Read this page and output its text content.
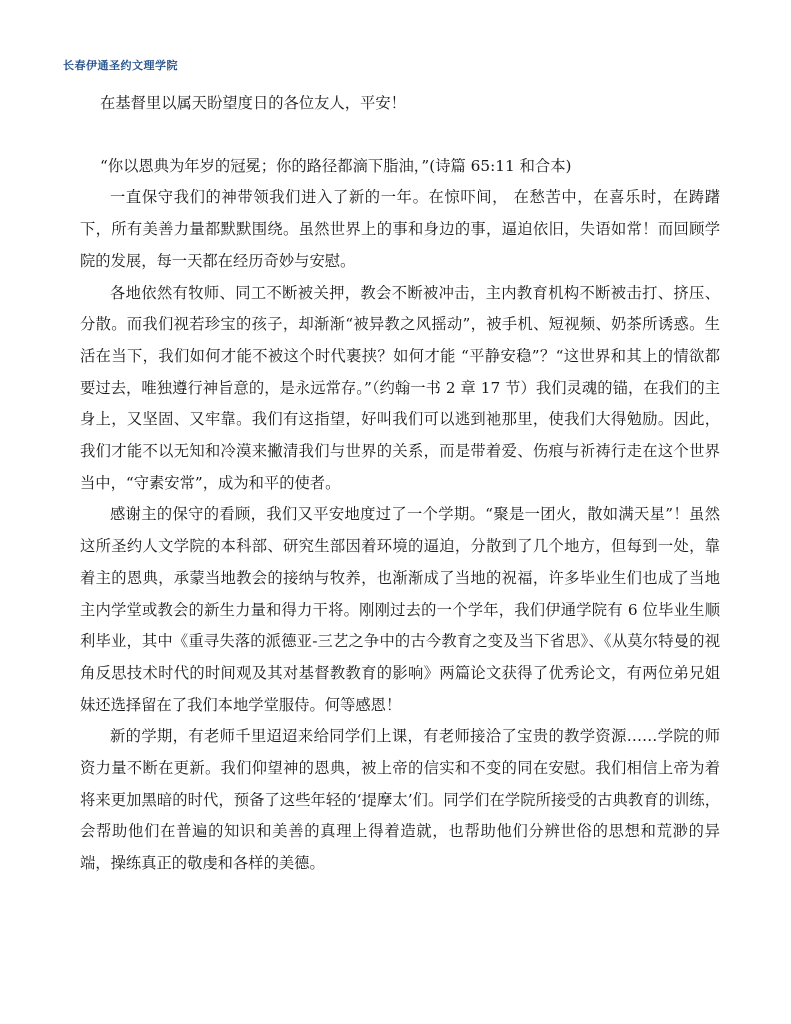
长春伊通圣约文理学院

在基督里以属天盼望度日的各位友人，平安！

“你以恩典为年岁的冠冕；你的路径都滴下脂油，”(诗篇 65:11 和合本)

一直保守我们的神带领我们进入了新的一年。在惊吓间， 在愁苦中，在喜乐时，在踌躇下，所有美善力量都默默围绕。虽然世界上的事和身边的事，逼迫依旧，失语如常！而回顾学院的发展，每一天都在经历奇妙与安慰。

各地依然有牧师、同工不断被关押，教会不断被冲击，主内教育机构不断被击打、挤压、分散。而我们视若珍宝的孩子，却渐渐“被异教之风摇动”，被手机、短视频、奶茶所诱惑。生活在当下，我们如何才能不被这个时代裹挟？如何才能 “平静安稳”？“这世界和其上的情欲都要过去，唯独遵行神旨意的，是永远常存。”（约翰一书 2 章 17 节）我们灵魂的锚，在我们的主身上，又坚固、又牢靠。我们有这指望，好叫我们可以逃到祂那里，使我们大得勉励。因此，我们才能不以无知和冷漠来撇清我们与世界的关系，而是带着爱、伤痕与祈祷行走在这个世界当中，“守素安常”，成为和平的使者。

感谢主的保守的看顾，我们又平安地度过了一个学期。“聚是一团火，散如满天星”！虽然这所圣约人文学院的本科部、研究生部因着环境的逼迫，分散到了几个地方，但每到一处，靠着主的恩典，承蒙当地教会的接纳与牧养，也渐渐成了当地的祝福，许多毕业生们也成了当地主内学堂或教会的新生力量和得力干将。刚刚过去的一个学年，我们伊通学院有 6 位毕业生顺利毕业，其中《重寻失落的派德亚-三艺之争中的古今教育之变及当下省思》、《从莫尔特曼的视角反思技术时代的时间观及其对基督教教育的影响》两篇论文获得了优秀论文，有两位弟兄姐妹还选择留在了我们本地学堂服侍。何等感恩！

新的学期，有老师千里迢迢来给同学们上课，有老师接洽了宝贵的教学资源……学院的师资力量不断在更新。我们仰望神的恩典，被上帝的信实和不变的同在安慰。我们相信上帝为着将来更加黑暗的时代，预备了这些年轻的‘提摩太’们。同学们在学院所接受的古典教育的训练，会帮助他们在普遍的知识和美善的真理上得着造就，也帮助他们分辨世俗的思想和荒渺的异端，操练真正的敬虔和各样的美德。
